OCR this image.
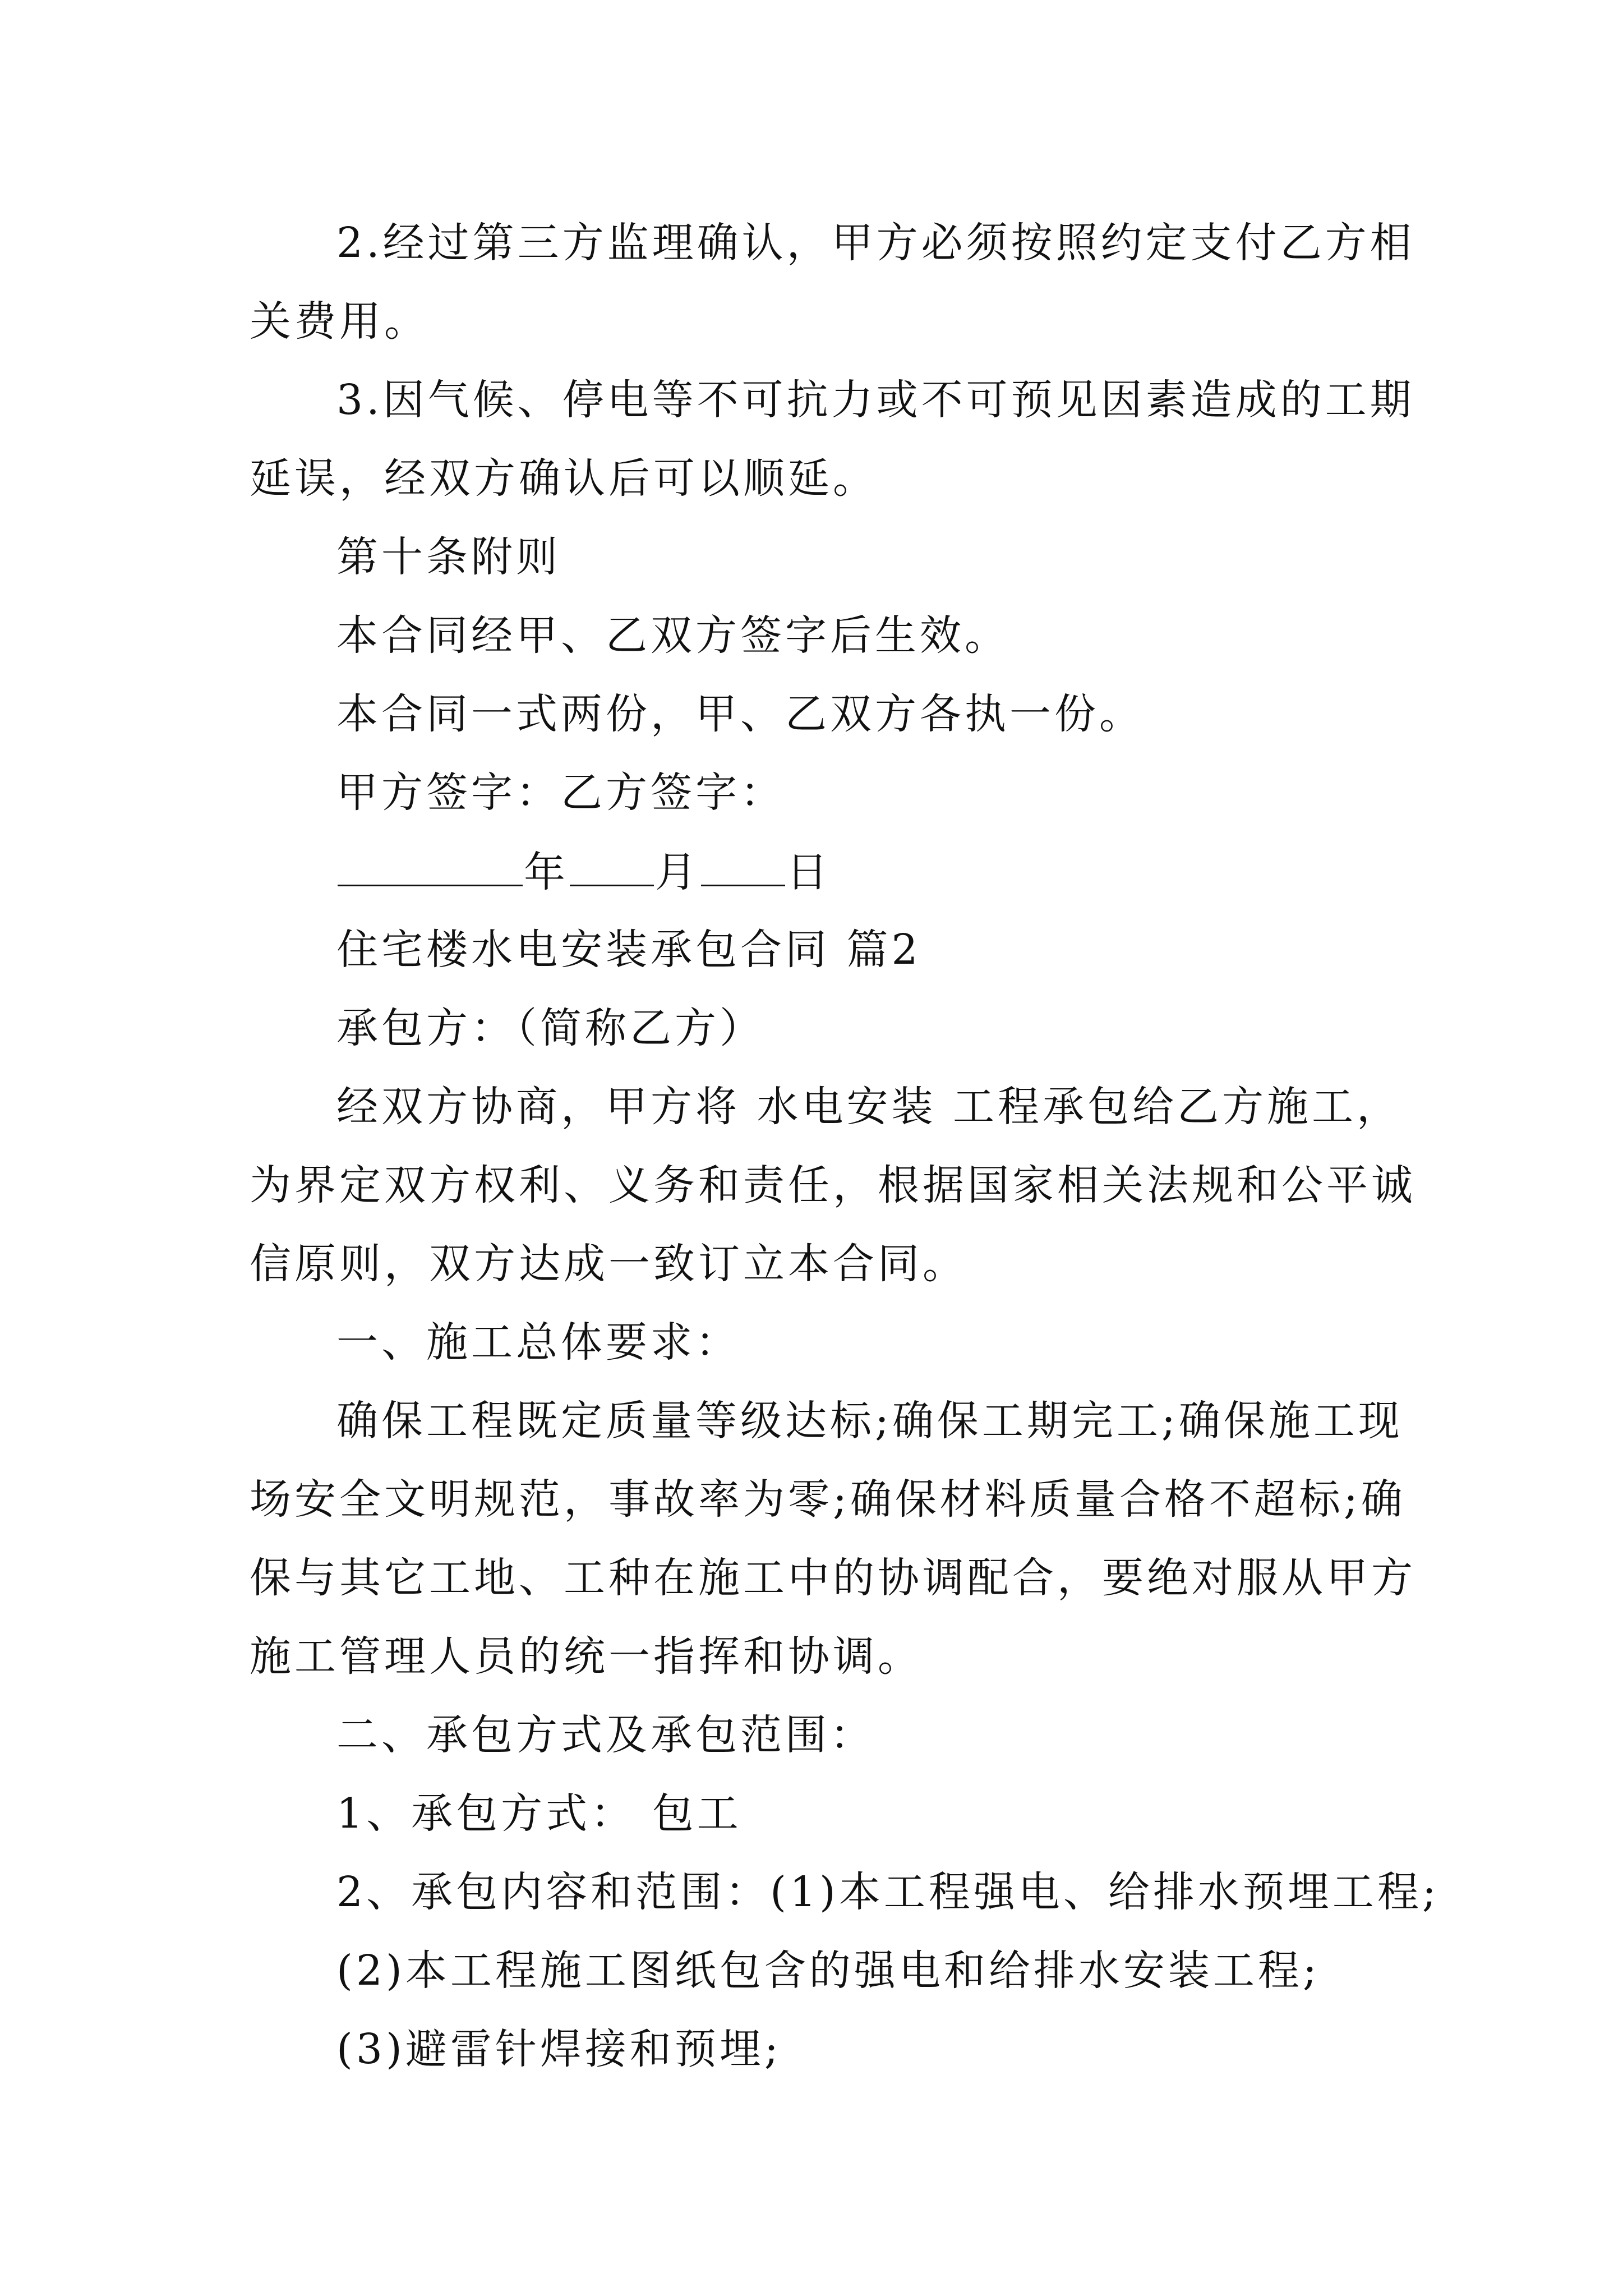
2.经过第三方监理确认，甲方必须按照约定支付乙方相
关费用。
3.因气候、停电等不可抗力或不可预见因素造成的工期
延误，经双方确认后可以顺延。
第十条附则
本合同经甲、乙双方签字后生效。
本合同一式两份，甲、乙双方各执一份。
甲方签字：乙方签字：
年 月 日
住宅楼水电安装承包合同 篇2
承包方：（简称乙方）
经双方协商，甲方将 水电安装 工程承包给乙方施工，
为界定双方权利、义务和责任，根据国家相关法规和公平诚
信原则，双方达成一致订立本合同。
一、施工总体要求：
确保工程既定质量等级达标;确保工期完工;确保施工现
场安全文明规范，事故率为零;确保材料质量合格不超标;确
保与其它工地、工种在施工中的协调配合，要绝对服从甲方
施工管理人员的统一指挥和协调。
二、承包方式及承包范围：
1、承包方式： 包工
2、承包内容和范围：(1)本工程强电、给排水预埋工程;
(2)本工程施工图纸包含的强电和给排水安装工程;
(3)避雷针焊接和预埋;
